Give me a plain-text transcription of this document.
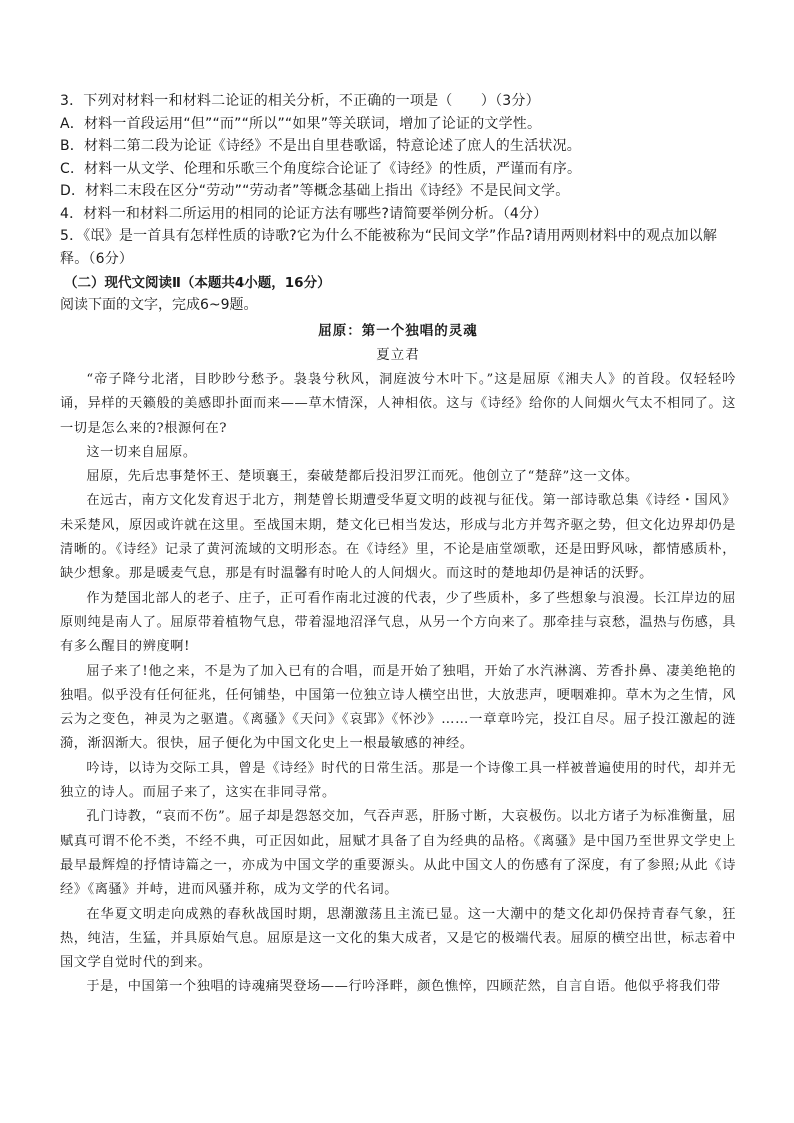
3．下列对材料一和材料二论证的相关分析，不正确的一项是（　　）（3分）

A．材料一首段运用“但”“而”“所以”“如果”等关联词，增加了论证的文学性。

B．材料二第二段为论证《诗经》不是出自里巷歌谣，特意论述了庶人的生活状况。

C．材料一从文学、伦理和乐歌三个角度综合论证了《诗经》的性质，严谨而有序。

D．材料二末段在区分“劳动”“劳动者”等概念基础上指出《诗经》不是民间文学。

4．材料一和材料二所运用的相同的论证方法有哪些?请简要举例分析。（4分）

5．《氓》是一首具有怎样性质的诗歌?它为什么不能被称为“民间文学”作品?请用两则材料中的观点加以解释。（6分）

（二）现代文阅读Ⅱ（本题共4小题，16分）

阅读下面的文字，完成6~9题。

屈原：第一个独唱的灵魂

夏立君

“帝子降兮北渚，目眇眇兮愁予。袅袅兮秋风，洞庭波兮木叶下。”这是屈原《湘夫人》的首段。仅轻轻吟诵，异样的天籁般的美感即扑面而来——草木情深，人神相依。这与《诗经》给你的人间烟火气太不相同了。这一切是怎么来的?根源何在?

这一切来自屈原。

屈原，先后忠事楚怀王、楚顷襄王，秦破楚都后投汨罗江而死。他创立了“楚辞”这一文体。

在远古，南方文化发育迟于北方，荆楚曾长期遭受华夏文明的歧视与征伐。第一部诗歌总集《诗经・国风》未采楚风，原因或许就在这里。至战国末期，楚文化已相当发达，形成与北方并驾齐驱之势，但文化边界却仍是清晰的。《诗经》记录了黄河流域的文明形态。在《诗经》里，不论是庙堂颂歌，还是田野风咏，都情感质朴，缺少想象。那是暖麦气息，那是有时温馨有时呛人的人间烟火。而这时的楚地却仍是神话的沃野。

作为楚国北部人的老子、庄子，正可看作南北过渡的代表，少了些质朴，多了些想象与浪漫。长江岸边的屈原则纯是南人了。屈原带着植物气息，带着湿地沼泽气息，从另一个方向来了。那牵挂与哀愁，温热与伤感，具有多么醒目的辨度啊!

屈子来了!他之来，不是为了加入已有的合唱，而是开始了独唱，开始了水汽淋漓、芳香扑鼻、凄美绝艳的独唱。似乎没有任何征兆，任何铺垫，中国第一位独立诗人横空出世，大放悲声，哽咽难抑。草木为之生情，风云为之变色，神灵为之驱遣。《离骚》《天问》《哀郢》《怀沙》……一章章吟完，投江自尽。屈子投江激起的涟漪，渐泅渐大。很快，屈子便化为中国文化史上一根最敏感的神经。

吟诗，以诗为交际工具，曾是《诗经》时代的日常生活。那是一个诗像工具一样被普遍使用的时代，却并无独立的诗人。而屈子来了，这实在非同寻常。

孔门诗教，“哀而不伤”。屈子却是怨怒交加，气吞声恶，肝肠寸断，大哀极伤。以北方诸子为标准衡量，屈赋真可谓不伦不类，不经不典，可正因如此，屈赋才具备了自为经典的品格。《离骚》是中国乃至世界文学史上最早最辉煌的抒情诗篇之一，亦成为中国文学的重要源头。从此中国文人的伤感有了深度，有了参照;从此《诗经》《离骚》并峙，进而风骚并称，成为文学的代名词。

在华夏文明走向成熟的春秋战国时期，思潮激荡且主流已显。这一大潮中的楚文化却仍保持青春气象，狂热，纯洁，生猛，并具原始气息。屈原是这一文化的集大成者，又是它的极端代表。屈原的横空出世，标志着中国文学自觉时代的到来。

于是，中国第一个独唱的诗魂痛哭登场——行吟泽畔，颜色憔悴，四顾茫然，自言自语。他似乎将我们带
